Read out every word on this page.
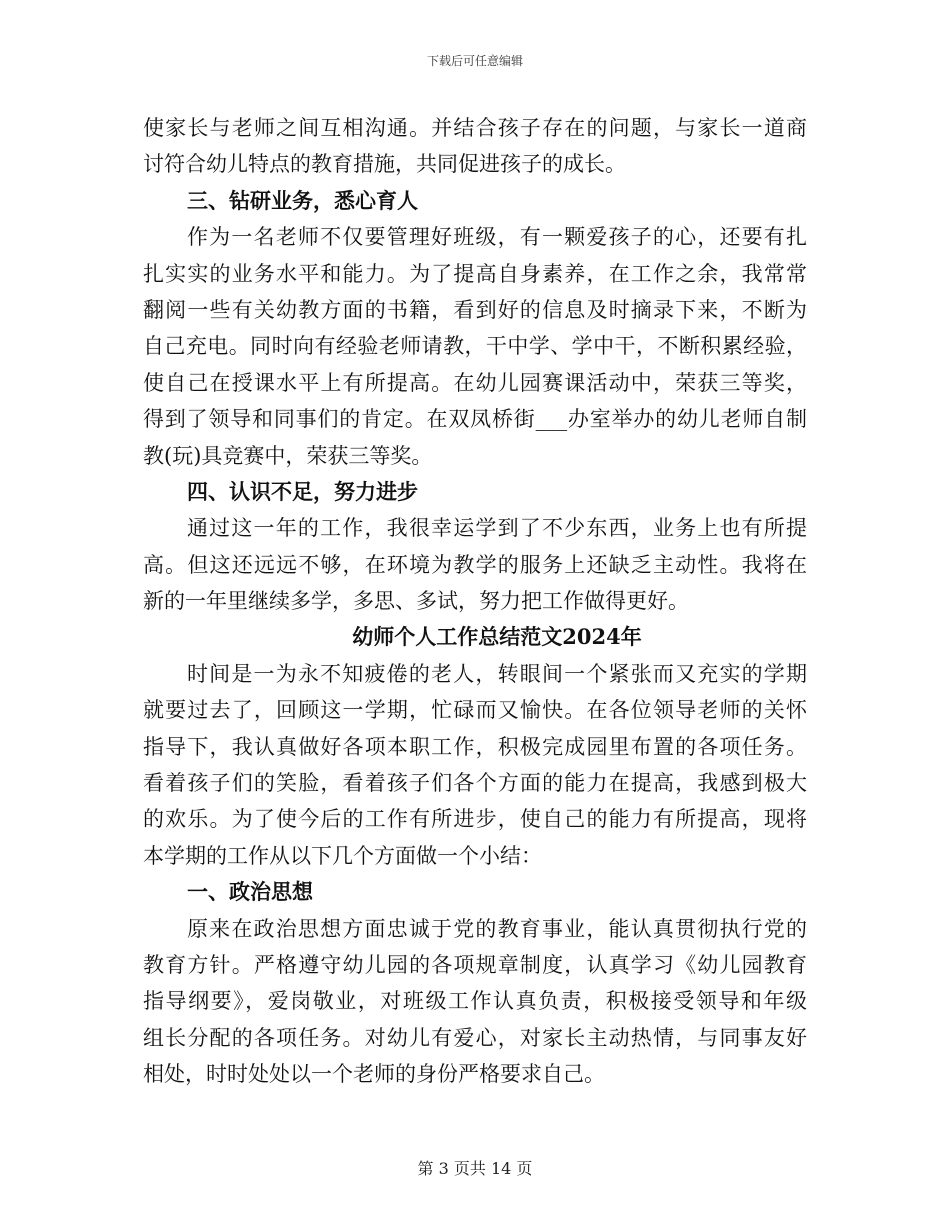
下载后可任意编辑
使家长与老师之间互相沟通。并结合孩子存在的问题，与家长一道商
讨符合幼儿特点的教育措施，共同促进孩子的成长。
三、钻研业务，悉心育人
作为一名老师不仅要管理好班级，有一颗爱孩子的心，还要有扎
扎实实的业务水平和能力。为了提高自身素养，在工作之余，我常常
翻阅一些有关幼教方面的书籍，看到好的信息及时摘录下来，不断为
自己充电。同时向有经验老师请教，干中学、学中干，不断积累经验，
使自己在授课水平上有所提高。在幼儿园赛课活动中，荣获三等奖，
得到了领导和同事们的肯定。在双凤桥街___办室举办的幼儿老师自制
教(玩)具竞赛中，荣获三等奖。
四、认识不足，努力进步
通过这一年的工作，我很幸运学到了不少东西，业务上也有所提
高。但这还远远不够，在环境为教学的服务上还缺乏主动性。我将在
新的一年里继续多学，多思、多试，努力把工作做得更好。
幼师个人工作总结范文2024年
时间是一为永不知疲倦的老人，转眼间一个紧张而又充实的学期
就要过去了，回顾这一学期，忙碌而又愉快。在各位领导老师的关怀
指导下，我认真做好各项本职工作，积极完成园里布置的各项任务。
看着孩子们的笑脸，看着孩子们各个方面的能力在提高，我感到极大
的欢乐。为了使今后的工作有所进步，使自己的能力有所提高，现将
本学期的工作从以下几个方面做一个小结：
一、政治思想
原来在政治思想方面忠诚于党的教育事业，能认真贯彻执行党的
教育方针。严格遵守幼儿园的各项规章制度，认真学习《幼儿园教育
指导纲要》，爱岗敬业，对班级工作认真负责，积极接受领导和年级
组长分配的各项任务。对幼儿有爱心，对家长主动热情，与同事友好
相处，时时处处以一个老师的身份严格要求自己。
第 3 页共 14 页
